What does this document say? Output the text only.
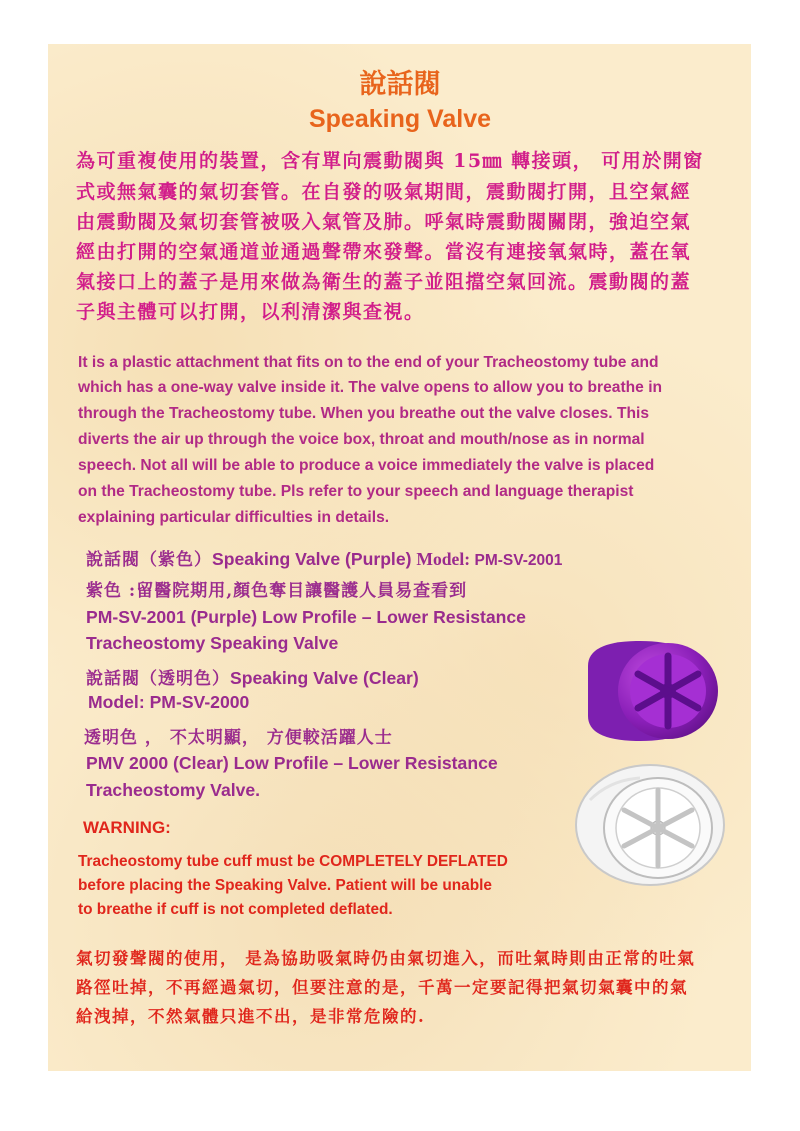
說話閥
Speaking Valve
為可重複使用的裝置，含有單向震動閥與 15㎜ 轉接頭， 可用於開窗
式或無氣囊的氣切套管。在自發的吸氣期間，震動閥打開，且空氣經
由震動閥及氣切套管被吸入氣管及肺。呼氣時震動閥關閉，強迫空氣
經由打開的空氣通道並通過聲帶來發聲。當沒有連接氧氣時，蓋在氧
氣接口上的蓋子是用來做為衛生的蓋子並阻擋空氣回流。震動閥的蓋
子與主體可以打開，以利清潔與查視。
It is a plastic attachment that fits on to the end of your Tracheostomy tube and
which has a one-way valve inside it. The valve opens to allow you to breathe in
through the Tracheostomy tube. When you breathe out the valve closes. This
diverts the air up through the voice box, throat and mouth/nose as in normal
speech. Not all will be able to produce a voice immediately the valve is placed
on the Tracheostomy tube. Pls refer to your speech and language therapist
explaining particular difficulties in details.
說話閥（紫色）Speaking Valve (Purple) Model: PM-SV-2001
紫色 :留醫院期用,顏色奪目讓醫護人員易查看到
PM-SV-2001 (Purple) Low Profile – Lower Resistance
Tracheostomy Speaking Valve
說話閥（透明色）Speaking Valve (Clear)
Model: PM-SV-2000
透明色 ， 不太明顯， 方便較活躍人士
PMV 2000 (Clear) Low Profile – Lower Resistance
Tracheostomy Valve.
WARNING:
Tracheostomy tube cuff must be COMPLETELY DEFLATED
before placing the Speaking Valve. Patient will be unable
to breathe if cuff is not completed deflated.
氣切發聲閥的使用， 是為協助吸氣時仍由氣切進入，而吐氣時則由正常的吐氣
路徑吐掉，不再經過氣切，但要注意的是，千萬一定要記得把氣切氣囊中的氣
給洩掉，不然氣體只進不出，是非常危險的.
